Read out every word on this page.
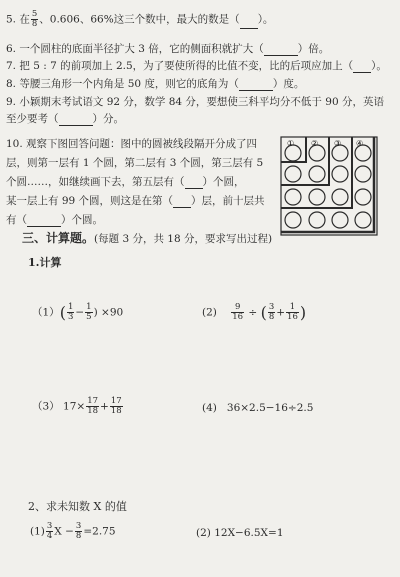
5. 在 $\frac{5}{8}$ 、0.606、66%这三个数中，最大的数是（ ）。
6. 一个圆柱的底面半径扩大 3 倍，它的侧面积就扩大（	）倍。
7. 把 5 : 7 的前项加上 2.5，为了要使所得的比值不变，比的后项应加上（ ）。
8. 等腰三角形一个内角是 50 度，则它的底角为（	）度。
9. 小颖期末考试语文 92 分，数学 84 分，要想使三科平均分不低于 90 分，英语
至少要考（	）分。
10. 观察下图回答问题：图中的圆被线段隔开分成了四
层，则第一层有 1 个圆，第二层有 3 个圆，第三层有 5
个圆……，如继续画下去，第五层有（ ）个圆，
某一层上有 99 个圆，则这是在第（ ）层，前十层共
有（	）个圆。
① ② ③ ④
三、计算题。(每题 3 分，共 18 分，要求写出过程)
1.计算
$(1)( \frac{1}{3} - \frac{1}{5}$ ) ×90	$(2) \frac{9}{16}$ ÷ ( $\frac{3}{8} + \frac{1}{16}$ )
（3） $17\times \frac{17}{18} + \frac{17}{18}$	(4) 36×2.5−16÷2.5
2、求未知数 X 的值
$(1) \frac{3}{4}$ $X - \frac{3}{8} =2.75$	(2) 12X−6.5X=1
